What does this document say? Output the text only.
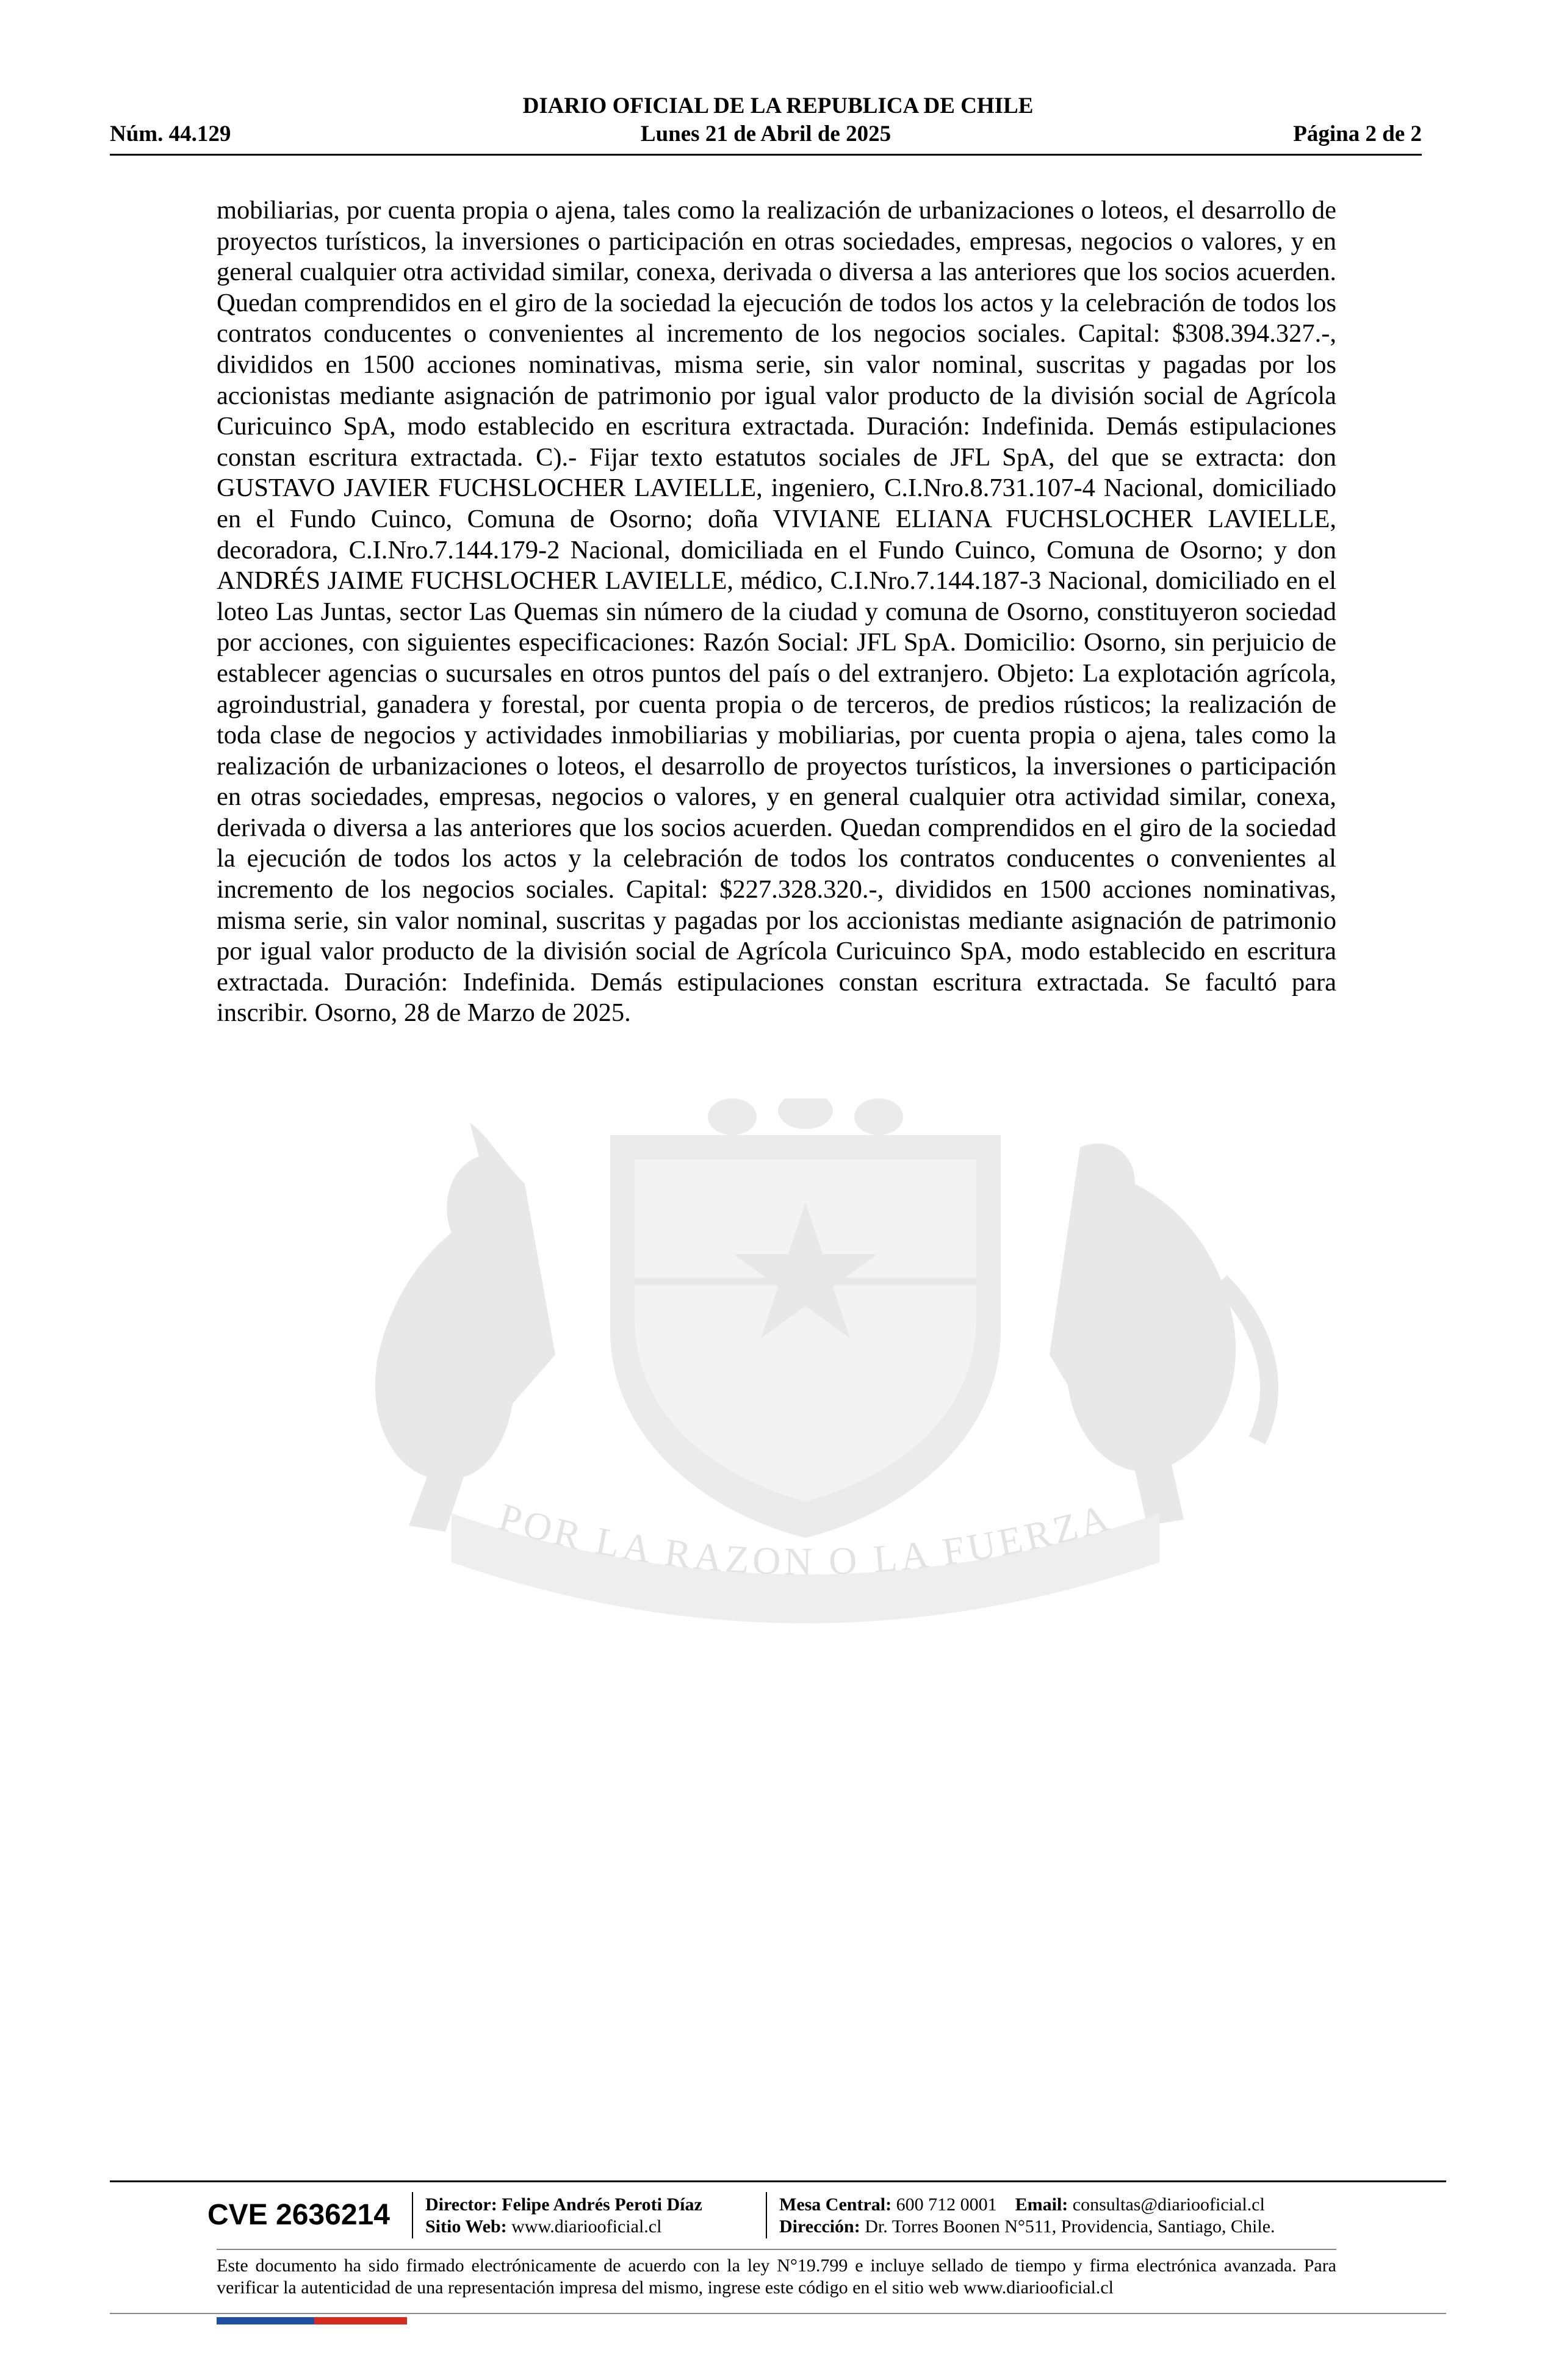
DIARIO OFICIAL DE LA REPUBLICA DE CHILE
Núm. 44.129	Lunes 21 de Abril de 2025	Página 2 de 2
POR LA RAZON O LA FUERZA

mobiliarias, por cuenta propia o ajena, tales como la realización de urbanizaciones o loteos, el desarrollo de proyectos turísticos, la inversiones o participación en otras sociedades, empresas, negocios o valores, y en general cualquier otra actividad similar, conexa, derivada o diversa a las anteriores que los socios acuerden. Quedan comprendidos en el giro de la sociedad la ejecución de todos los actos y la celebración de todos los contratos conducentes o convenientes al incremento de los negocios sociales. Capital: $308.394.327.-, divididos en 1500 acciones nominativas, misma serie, sin valor nominal, suscritas y pagadas por los accionistas mediante asignación de patrimonio por igual valor producto de la división social de Agrícola Curicuinco SpA, modo establecido en escritura extractada. Duración: Indefinida. Demás estipulaciones constan escritura extractada. C).- Fijar texto estatutos sociales de JFL SpA, del que se extracta: don GUSTAVO JAVIER FUCHSLOCHER LAVIELLE, ingeniero, C.I.Nro.8.731.107-4 Nacional, domiciliado en el Fundo Cuinco, Comuna de Osorno; doña VIVIANE ELIANA FUCHSLOCHER LAVIELLE, decoradora, C.I.Nro.7.144.179-2 Nacional, domiciliada en el Fundo Cuinco, Comuna de Osorno; y don ANDRÉS JAIME FUCHSLOCHER LAVIELLE, médico, C.I.Nro.7.144.187-3 Nacional, domiciliado en el loteo Las Juntas, sector Las Quemas sin número de la ciudad y comuna de Osorno, constituyeron sociedad por acciones, con siguientes especificaciones: Razón Social: JFL SpA. Domicilio: Osorno, sin perjuicio de establecer agencias o sucursales en otros puntos del país o del extranjero. Objeto: La explotación agrícola, agroindustrial, ganadera y forestal, por cuenta propia o de terceros, de predios rústicos; la realización de toda clase de negocios y actividades inmobiliarias y mobiliarias, por cuenta propia o ajena, tales como la realización de urbanizaciones o loteos, el desarrollo de proyectos turísticos, la inversiones o participación en otras sociedades, empresas, negocios o valores, y en general cualquier otra actividad similar, conexa, derivada o diversa a las anteriores que los socios acuerden. Quedan comprendidos en el giro de la sociedad la ejecución de todos los actos y la celebración de todos los contratos conducentes o convenientes al incremento de los negocios sociales. Capital: $227.328.320.-, divididos en 1500 acciones nominativas, misma serie, sin valor nominal, suscritas y pagadas por los accionistas mediante asignación de patrimonio por igual valor producto de la división social de Agrícola Curicuinco SpA, modo establecido en escritura extractada. Duración: Indefinida. Demás estipulaciones constan escritura extractada. Se facultó para inscribir. Osorno, 28 de Marzo de 2025.

CVE 2636214	Director: Felipe Andrés Peroti Díaz
Sitio Web: www.diariooficial.cl
Mesa Central: 600 712 0001 Email: consultas@diariooficial.cl
Dirección: Dr. Torres Boonen N°511, Providencia, Santiago, Chile.

Este documento ha sido firmado electrónicamente de acuerdo con la ley N°19.799 e incluye sellado de tiempo y firma electrónica avanzada. Para verificar la autenticidad de una representación impresa del mismo, ingrese este código en el sitio web www.diariooficial.cl
